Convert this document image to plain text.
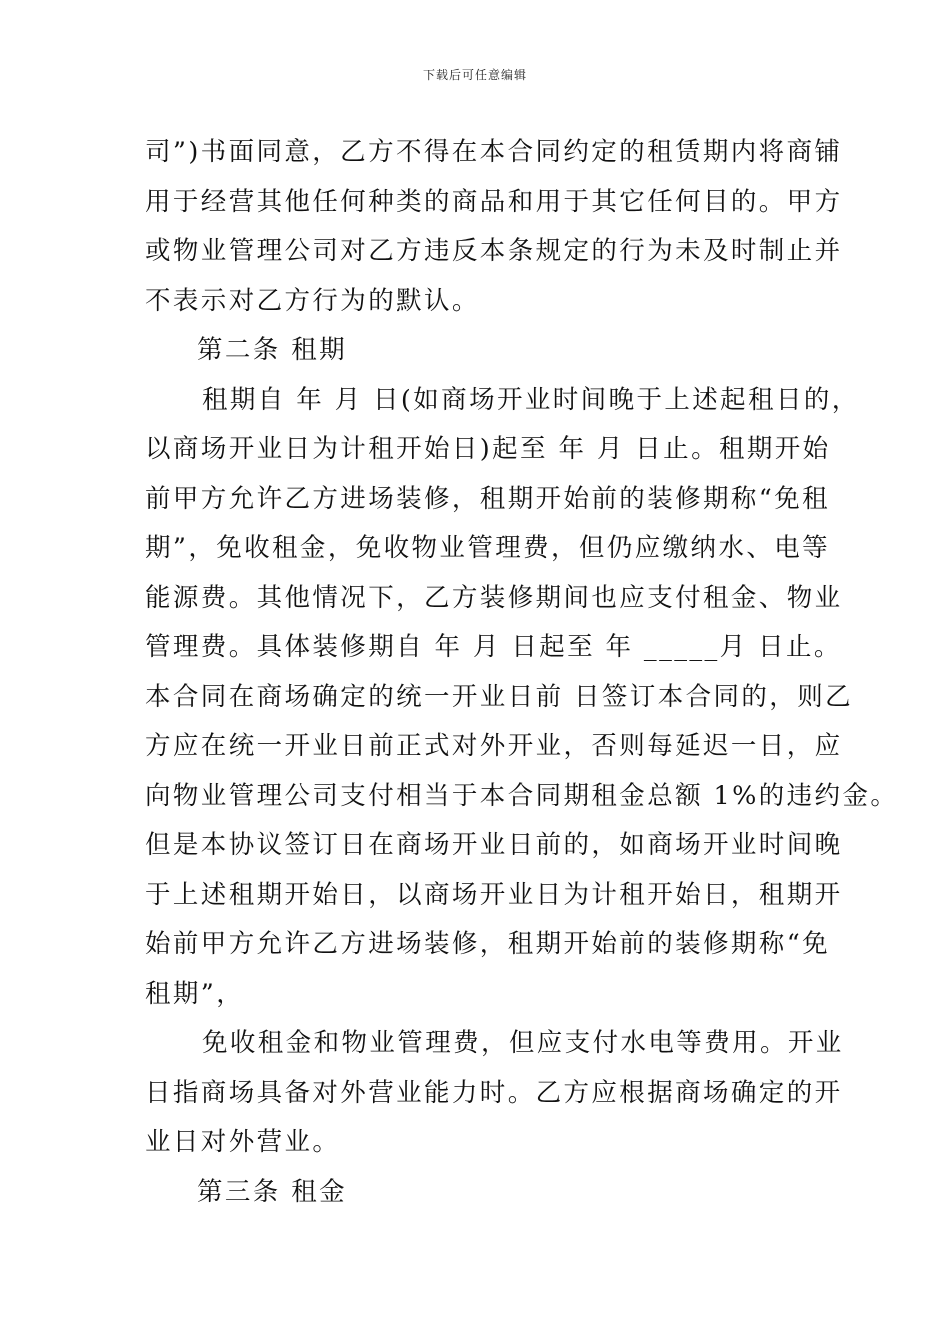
下载后可任意编辑
司”)书面同意，乙方不得在本合同约定的租赁期内将商铺
用于经营其他任何种类的商品和用于其它任何目的。甲方
或物业管理公司对乙方违反本条规定的行为未及时制止并
不表示对乙方行为的默认。
第二条 租期
租期自 年 月 日(如商场开业时间晚于上述起租日的，
以商场开业日为计租开始日)起至 年 月 日止。租期开始
前甲方允许乙方进场装修，租期开始前的装修期称“免租
期”，免收租金，免收物业管理费，但仍应缴纳水、电等
能源费。其他情况下，乙方装修期间也应支付租金、物业
管理费。具体装修期自 年 月 日起至 年 _____月 日止。
本合同在商场确定的统一开业日前 日签订本合同的，则乙
方应在统一开业日前正式对外开业，否则每延迟一日，应
向物业管理公司支付相当于本合同期租金总额 1%的违约金。
但是本协议签订日在商场开业日前的，如商场开业时间晚
于上述租期开始日，以商场开业日为计租开始日，租期开
始前甲方允许乙方进场装修，租期开始前的装修期称“免
租期”，
免收租金和物业管理费，但应支付水电等费用。开业
日指商场具备对外营业能力时。乙方应根据商场确定的开
业日对外营业。
第三条 租金
